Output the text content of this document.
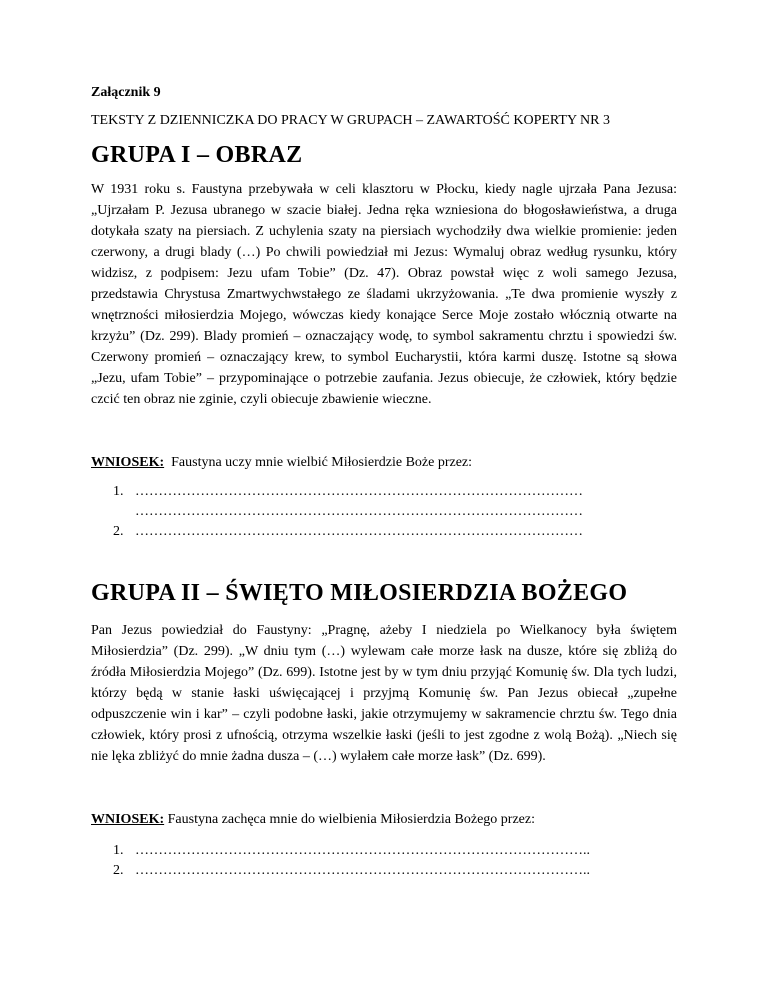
Załącznik 9
TEKSTY Z DZIENNICZKA DO PRACY W GRUPACH – ZAWARTOŚĆ KOPERTY NR 3
GRUPA I – OBRAZ

W 1931 roku s. Faustyna przebywała w celi klasztoru w Płocku, kiedy nagle ujrzała Pana Jezusa: „Ujrzałam P. Jezusa ubranego w szacie białej. Jedna ręka wzniesiona do błogosławieństwa, a druga dotykała szaty na piersiach. Z uchylenia szaty na piersiach wychodziły dwa wielkie promienie: jeden czerwony, a drugi blady (…) Po chwili powiedział mi Jezus: Wymaluj obraz według rysunku, który widzisz, z podpisem: Jezu ufam Tobie” (Dz. 47). Obraz powstał więc z woli samego Jezusa, przedstawia Chrystusa Zmartwychwstałego ze śladami ukrzyżowania. „Te dwa promienie wyszły z wnętrzności miłosierdzia Mojego, wówczas kiedy konające Serce Moje zostało włócznią otwarte na krzyżu” (Dz. 299). Blady promień – oznaczający wodę, to symbol sakramentu chrztu i spowiedzi św. Czerwony promień – oznaczający krew, to symbol Eucharystii, która karmi duszę. Istotne są słowa „Jezu, ufam Tobie” – przypominające o potrzebie zaufania. Jezus obiecuje, że człowiek, który będzie czcić ten obraz nie zginie, czyli obiecuje zbawienie wieczne.

WNIOSEK:  Faustyna uczy mnie wielbić Miłosierdzie Boże przez:
1. ……………………………………………………………………………………
……………………………………………………………………………………
2. ……………………………………………………………………………………
GRUPA II – ŚWIĘTO MIŁOSIERDZIA BOŻEGO

Pan Jezus powiedział do Faustyny: „Pragnę, ażeby I niedziela po Wielkanocy była świętem Miłosierdzia” (Dz. 299). „W dniu tym (…) wylewam całe morze łask na dusze, które się zbliżą do źródła Miłosierdzia Mojego” (Dz. 699). Istotne jest by w tym dniu przyjąć Komunię św. Dla tych ludzi, którzy będą w stanie łaski uświęcającej i przyjmą Komunię św. Pan Jezus obiecał „zupełne odpuszczenie win i kar” – czyli podobne łaski, jakie otrzymujemy w sakramencie chrztu św. Tego dnia człowiek, który prosi z ufnością, otrzyma wszelkie łaski (jeśli to jest zgodne z wolą Bożą). „Niech się nie lęka zbliżyć do mnie żadna dusza – (…) wylałem całe morze łask” (Dz. 699).

WNIOSEK: Faustyna zachęca mnie do wielbienia Miłosierdzia Bożego przez:
1. ……………………………………………………………………………………..
2. ……………………………………………………………………………………..
